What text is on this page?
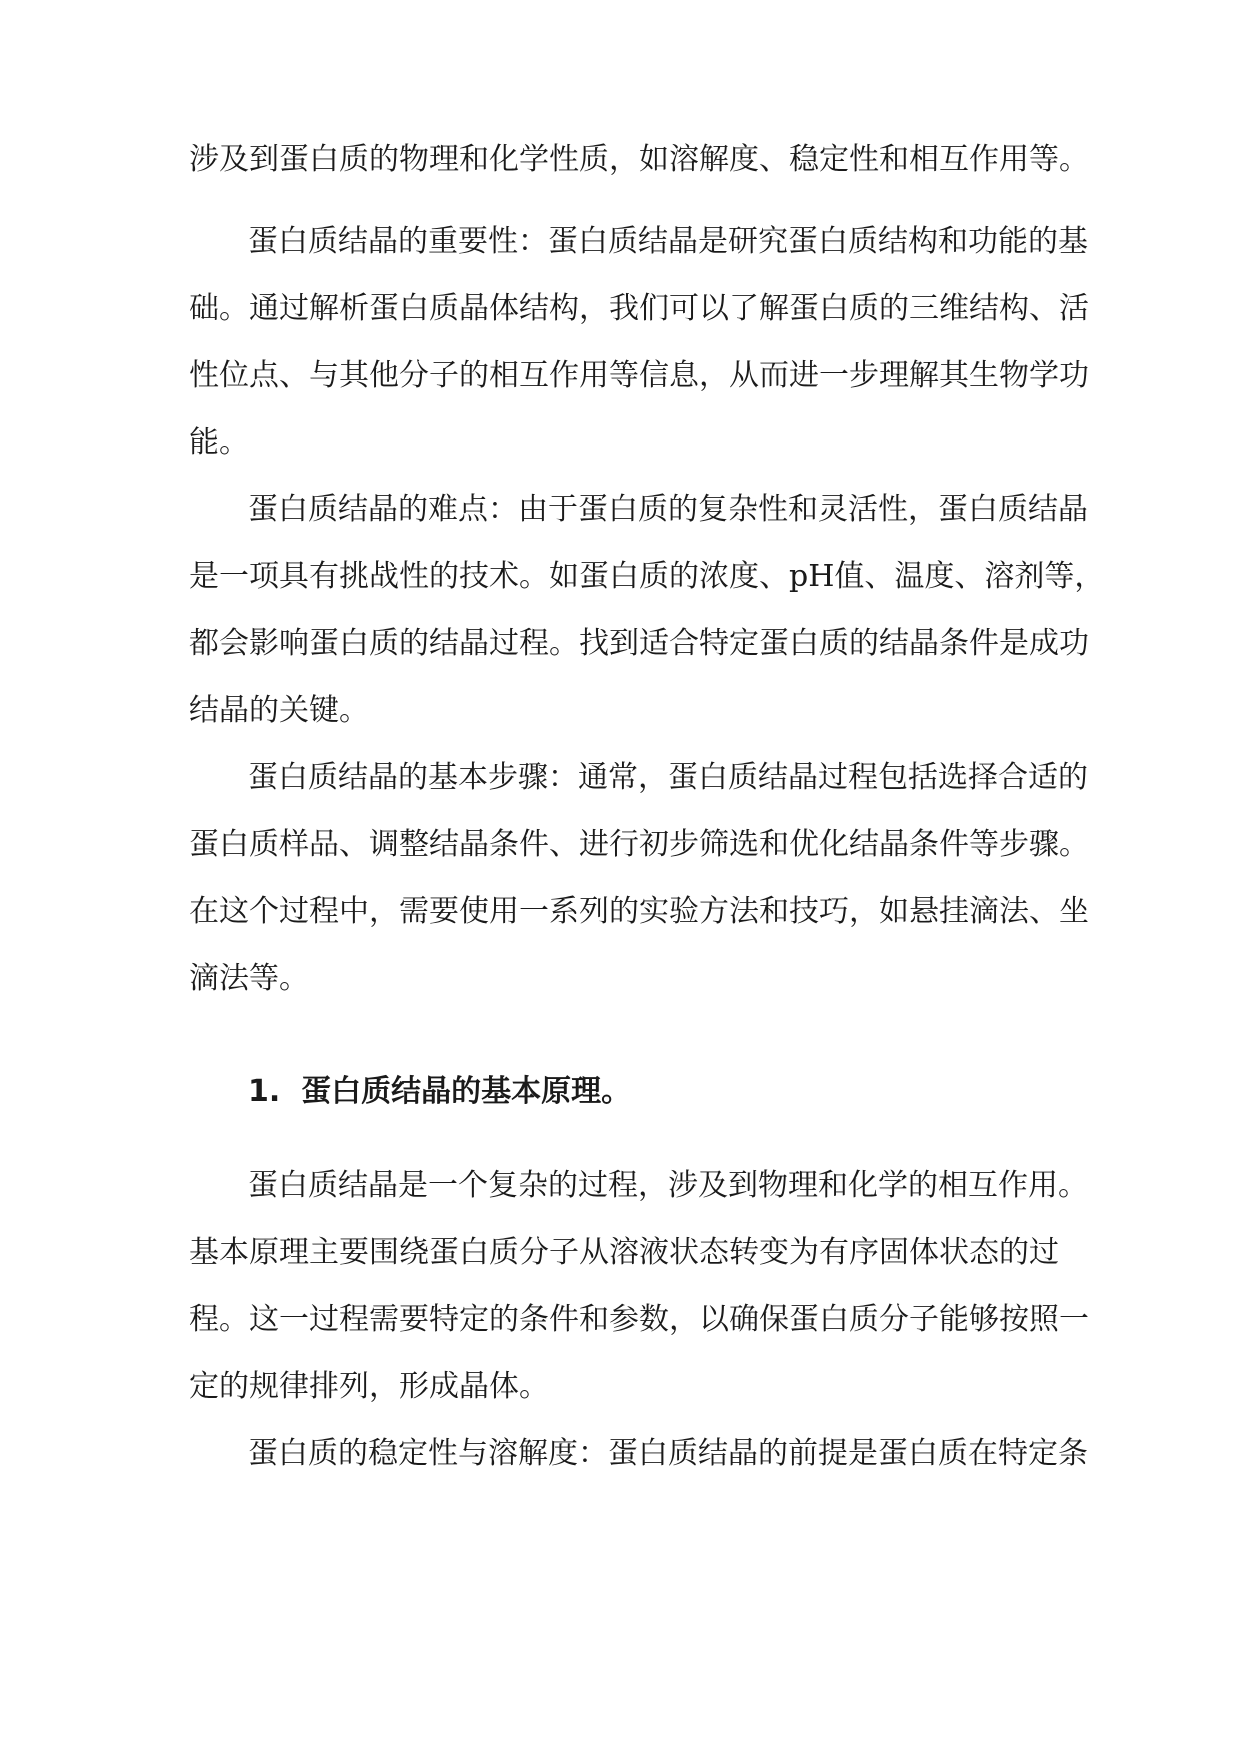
涉及到蛋白质的物理和化学性质，如溶解度、稳定性和相互作用等。

蛋白质结晶的重要性：蛋白质结晶是研究蛋白质结构和功能的基

础。通过解析蛋白质晶体结构，我们可以了解蛋白质的三维结构、活

性位点、与其他分子的相互作用等信息，从而进一步理解其生物学功

能。

蛋白质结晶的难点：由于蛋白质的复杂性和灵活性，蛋白质结晶

是一项具有挑战性的技术。如蛋白质的浓度、pH值、温度、溶剂等，

都会影响蛋白质的结晶过程。找到适合特定蛋白质的结晶条件是成功

结晶的关键。

蛋白质结晶的基本步骤：通常，蛋白质结晶过程包括选择合适的

蛋白质样品、调整结晶条件、进行初步筛选和优化结晶条件等步骤。

在这个过程中，需要使用一系列的实验方法和技巧，如悬挂滴法、坐

滴法等。

1. 蛋白质结晶的基本原理。

蛋白质结晶是一个复杂的过程，涉及到物理和化学的相互作用。

基本原理主要围绕蛋白质分子从溶液状态转变为有序固体状态的过

程。这一过程需要特定的条件和参数，以确保蛋白质分子能够按照一

定的规律排列，形成晶体。

蛋白质的稳定性与溶解度：蛋白质结晶的前提是蛋白质在特定条
